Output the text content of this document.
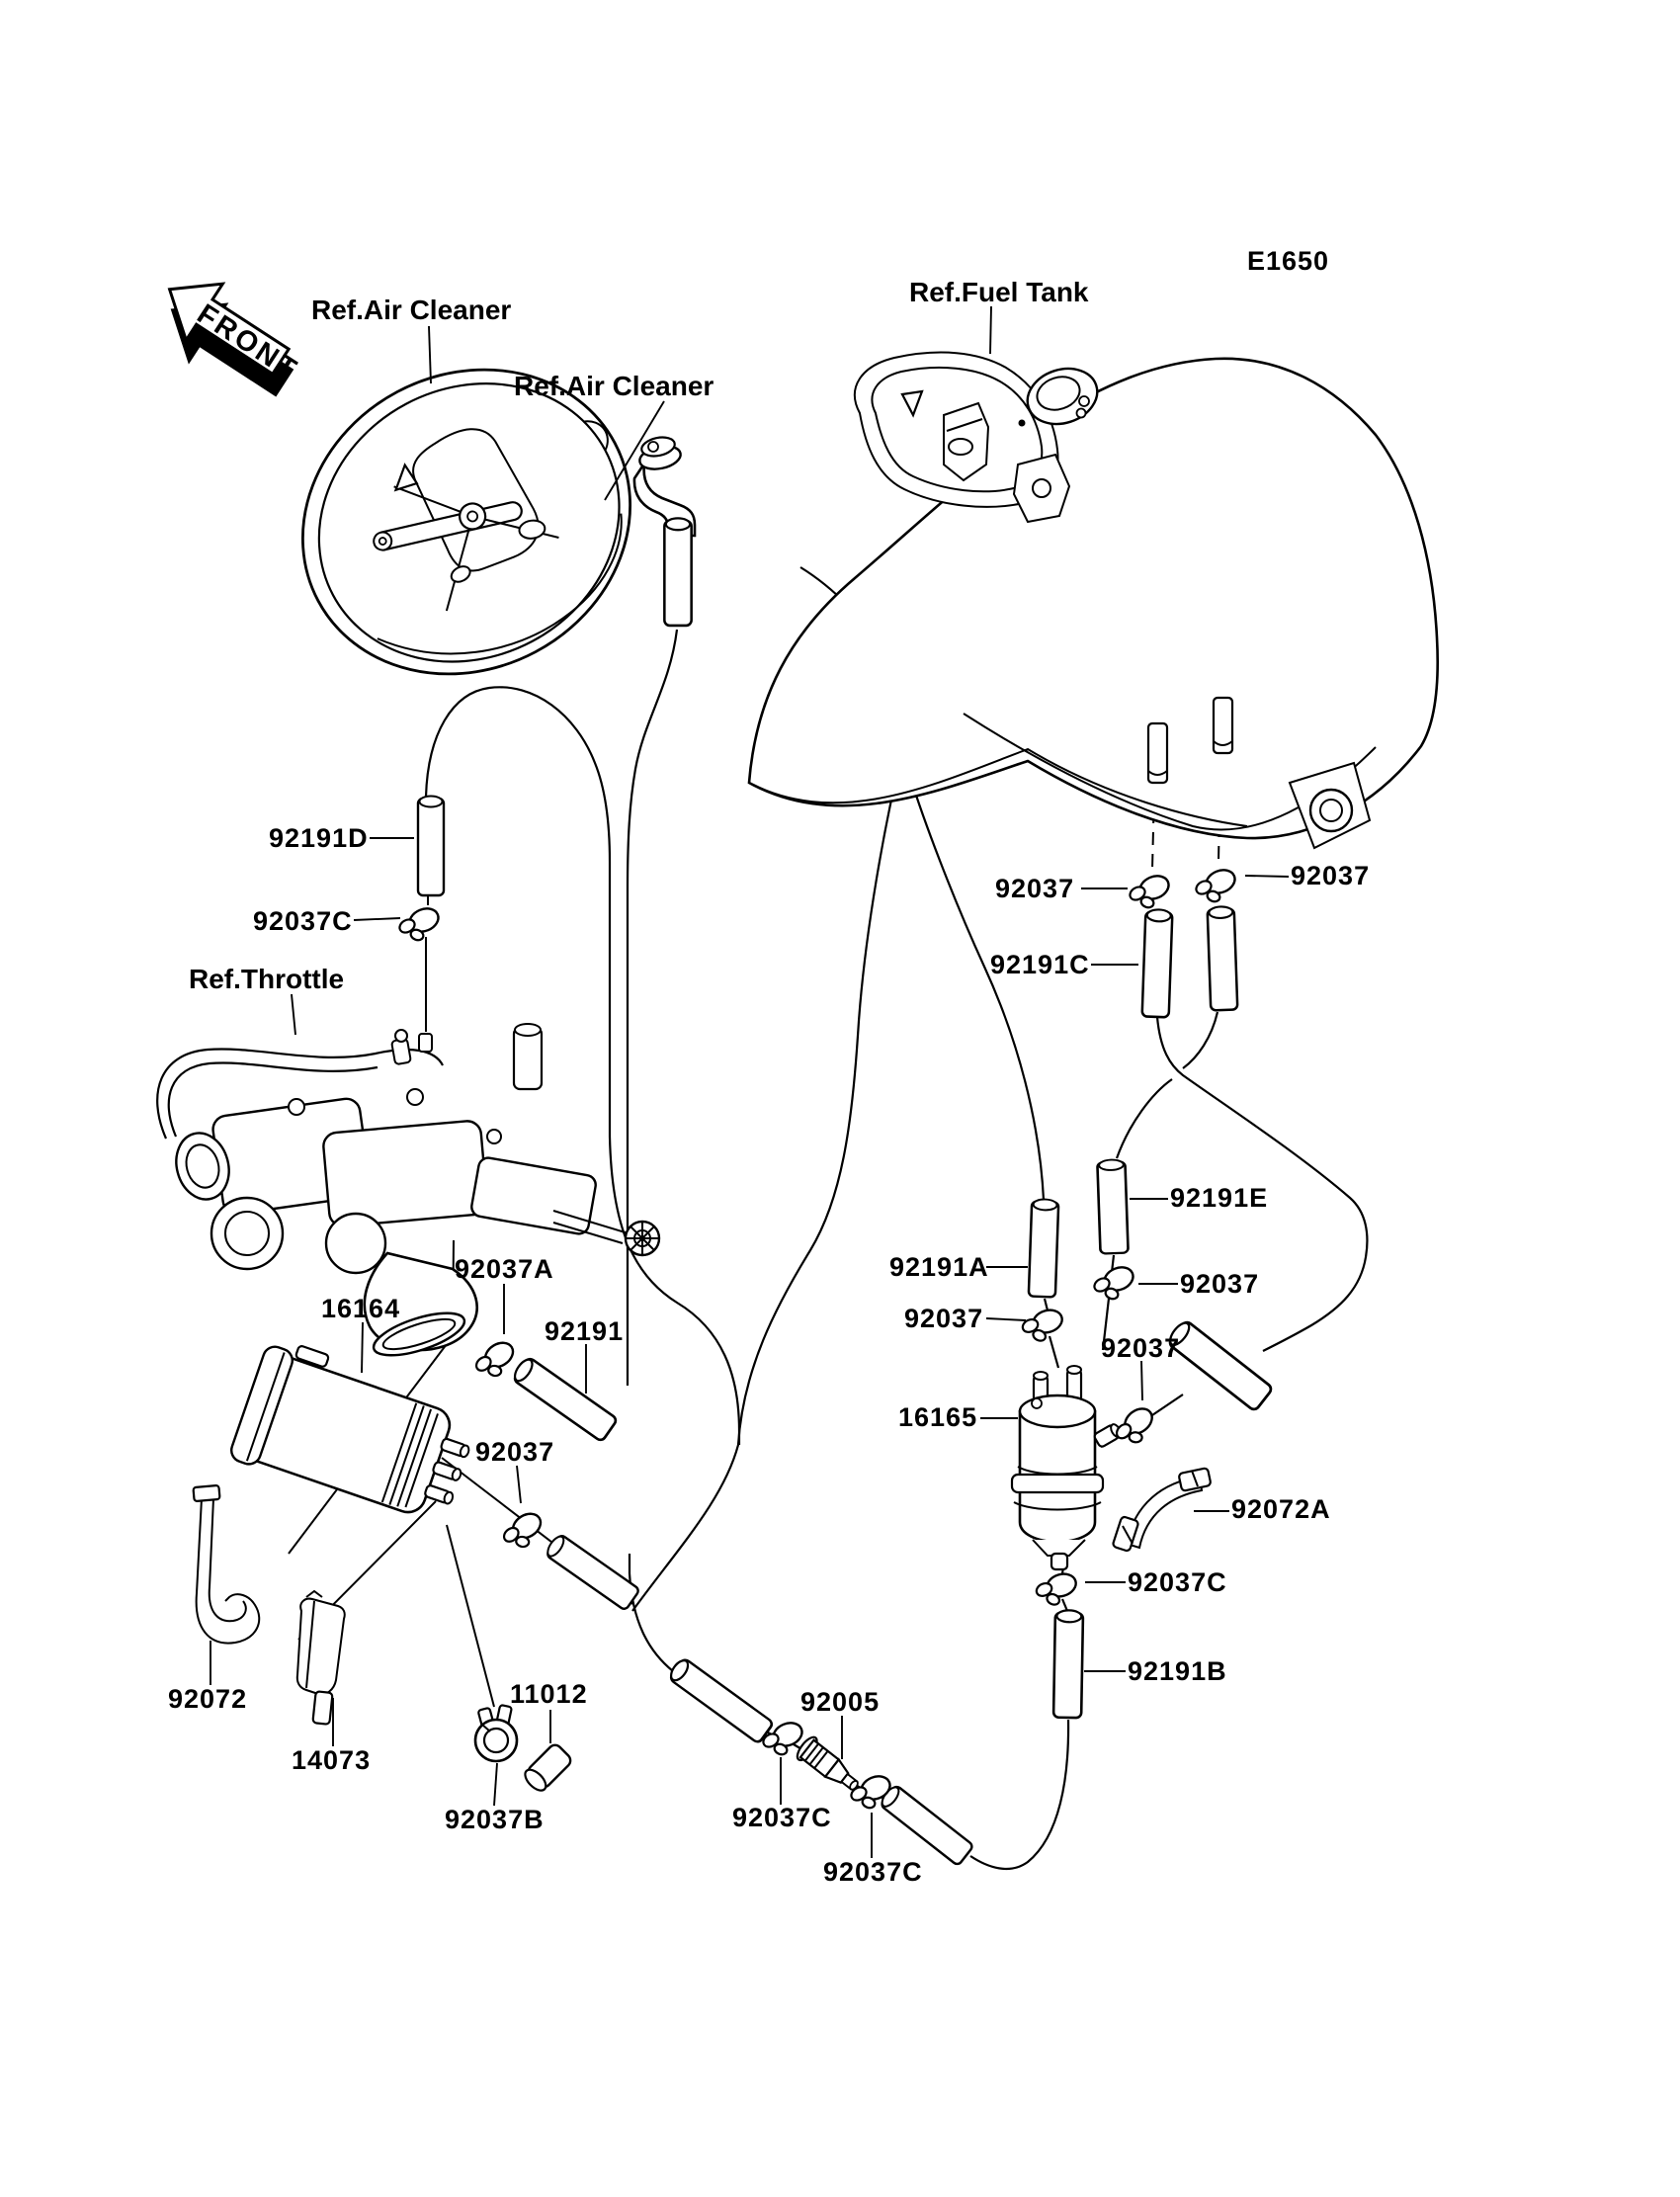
FRONT
E1650
Ref.Air Cleaner
Ref.Air Cleaner
Ref.Fuel Tank
Ref.Throttle
92191D
92037C
16164
92037A
92191
92037
92072
14073
11012
92037B
92005
92037C
92037C
92191B
92037C
92072A
16165
92037
92037
92037
92191A
92191E
92037	92037
92191C
